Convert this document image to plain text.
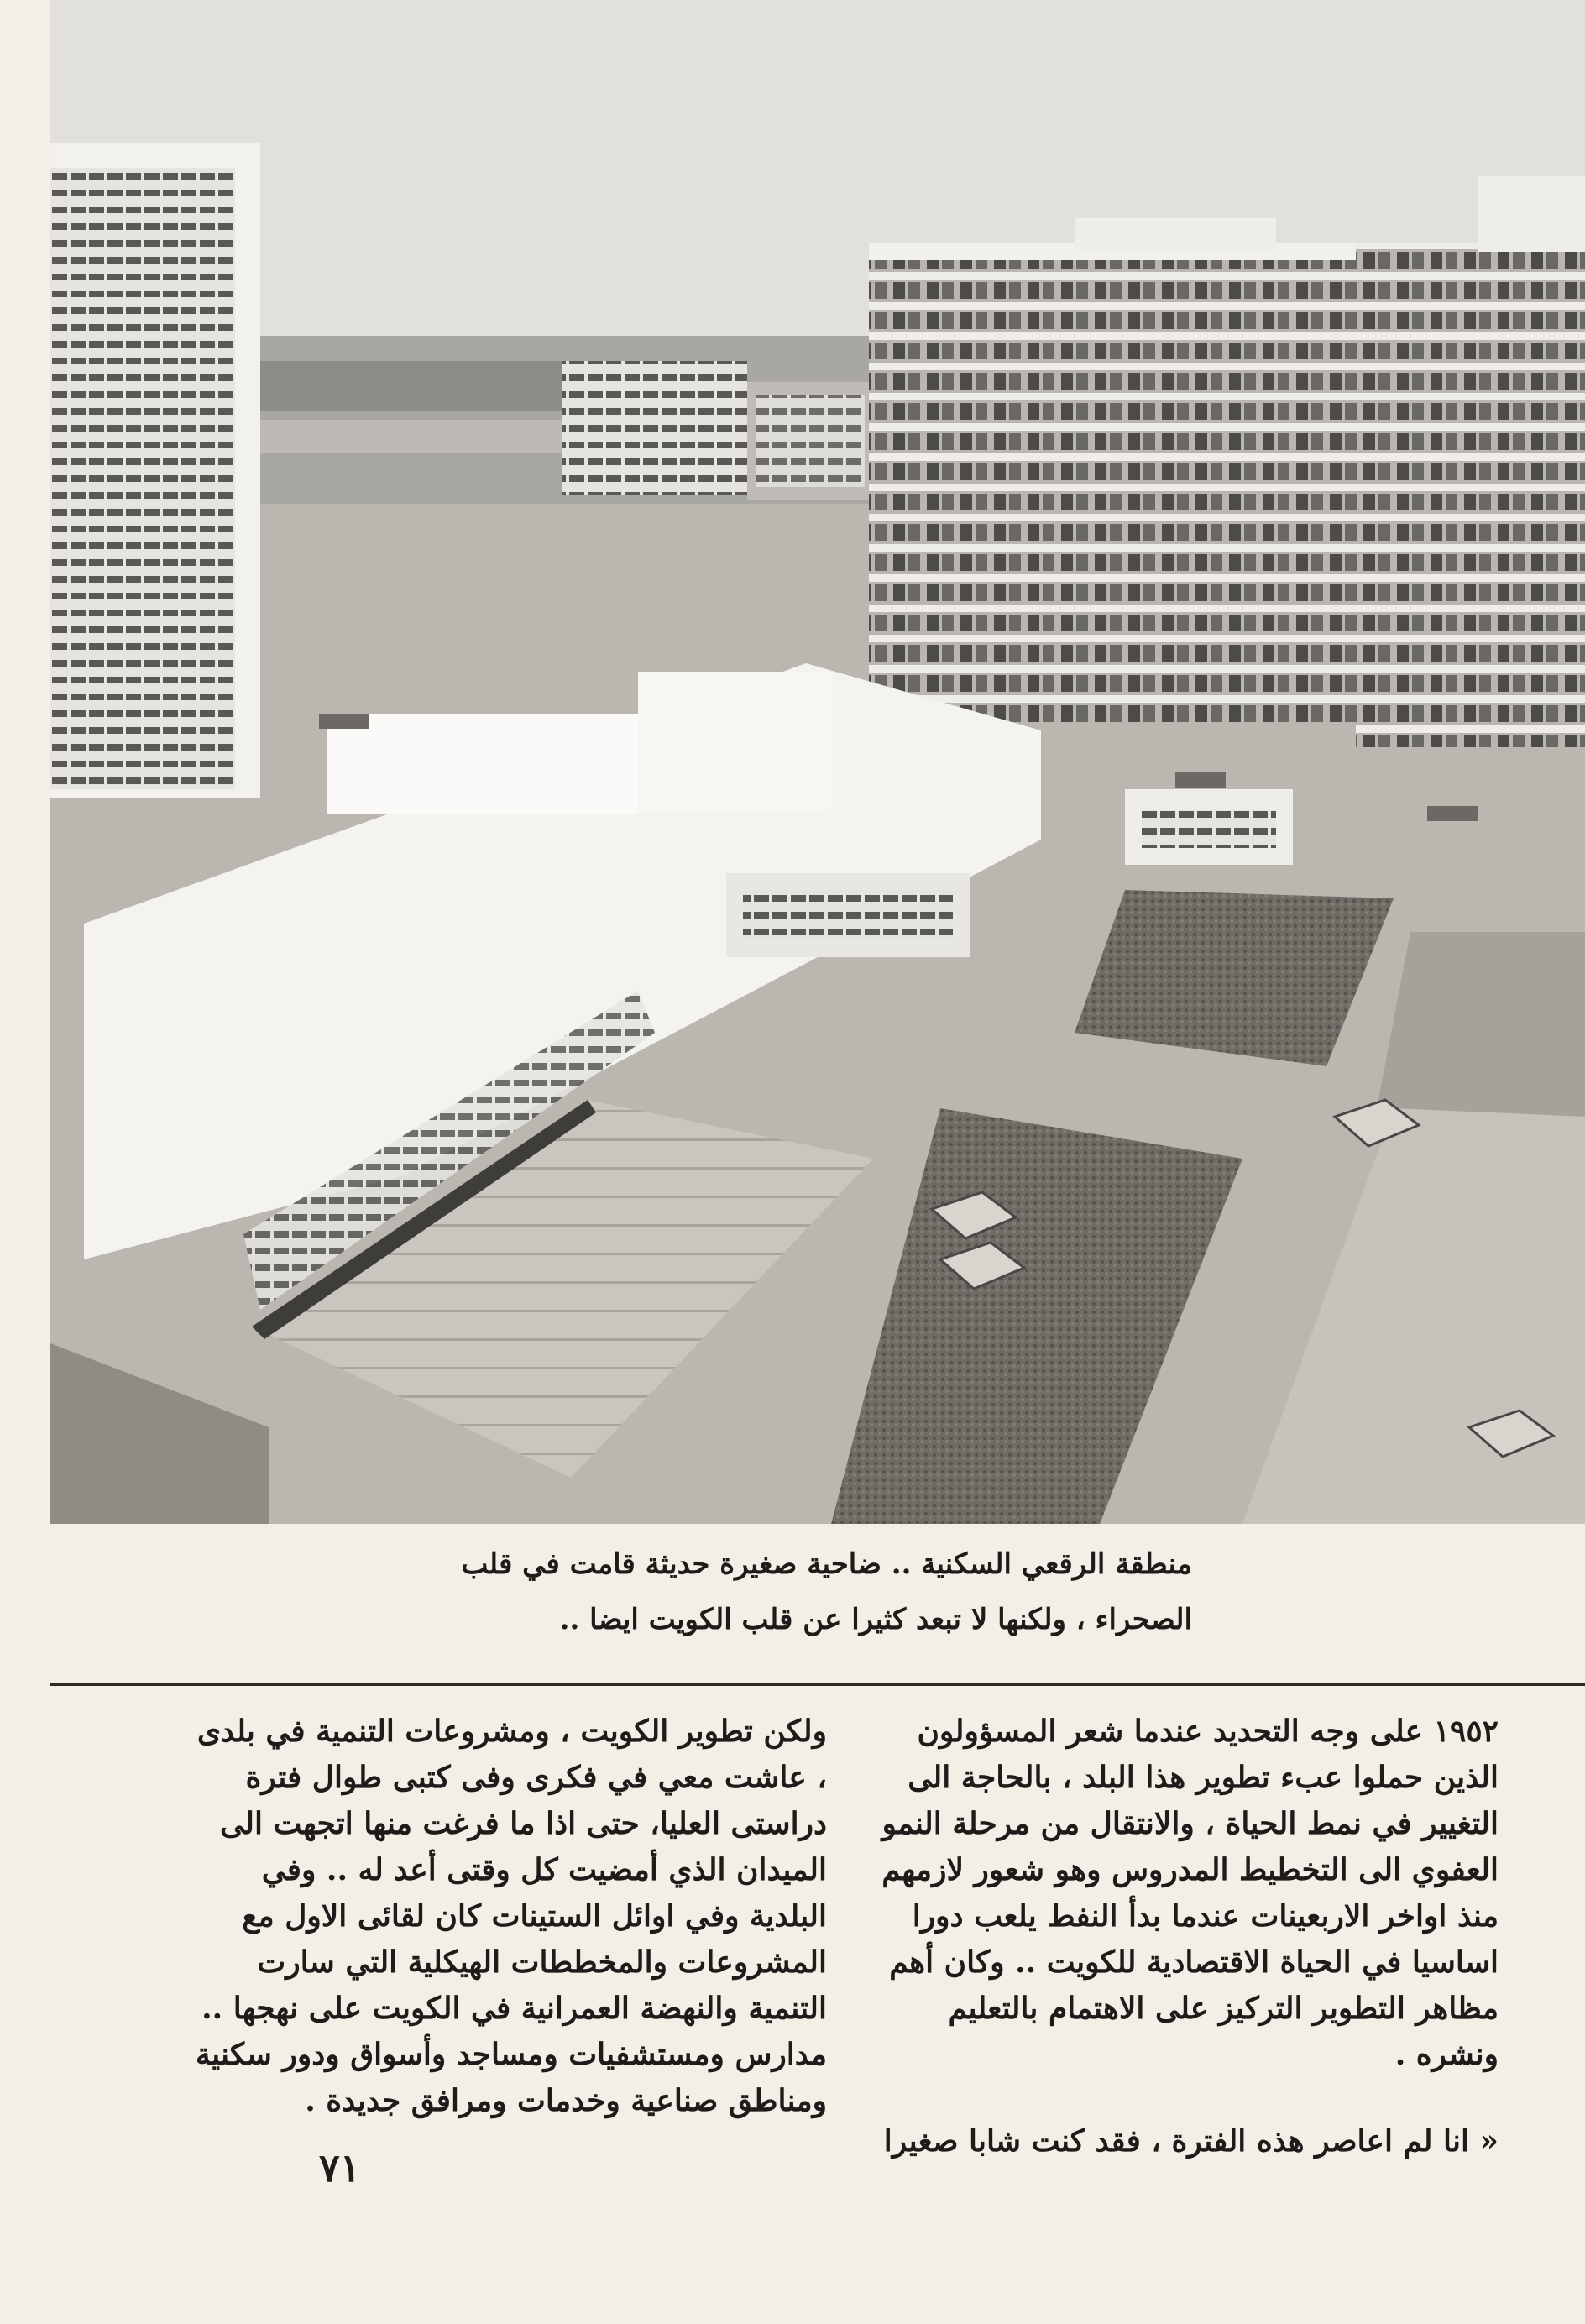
منطقة الرقعي السكنية .. ضاحية صغيرة حديثة قامت في قلب
الصحراء ، ولكنها لا تبعد كثيرا عن قلب الكويت ايضا ..

١٩٥٢ على وجه التحديد عندما شعر المسؤولون الذين حملوا عبء تطوير هذا البلد ، بالحاجة الى التغيير في نمط الحياة ، والانتقال من مرحلة النمو العفوي الى التخطيط المدروس وهو شعور لازمهم منذ اواخر الاربعينات عندما بدأ النفط يلعب دورا اساسيا في الحياة الاقتصادية للكويت .. وكان أهم مظاهر التطوير التركيز على الاهتمام بالتعليم ونشره .

« انا لم اعاصر هذه الفترة ، فقد كنت شابا صغيرا

ولكن تطوير الكويت ، ومشروعات التنمية في بلدى ، عاشت معي في فكرى وفى كتبى طوال فترة دراستى العليا، حتى اذا ما فرغت منها اتجهت الى الميدان الذي أمضيت كل وقتى أعد له .. وفي البلدية وفي اوائل الستينات كان لقائى الاول مع المشروعات والمخططات الهيكلية التي سارت التنمية والنهضة العمرانية في الكويت على نهجها .. مدارس ومستشفيات ومساجد وأسواق ودور سكنية ومناطق صناعية وخدمات ومرافق جديدة .

٧١
